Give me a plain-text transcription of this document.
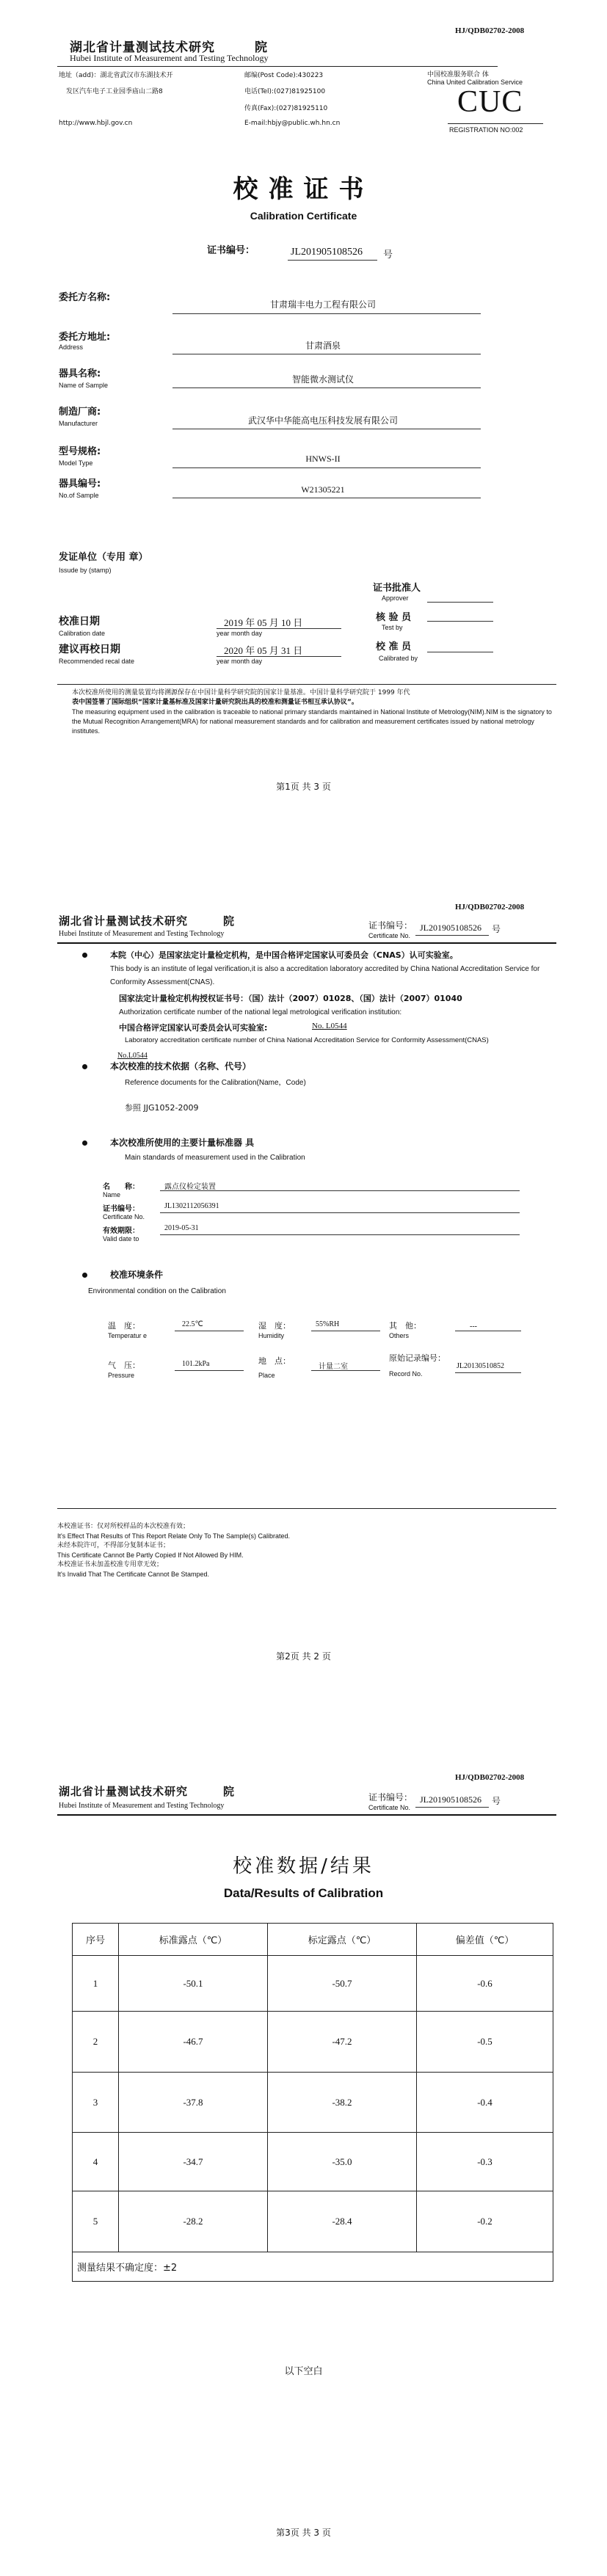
湖北省计量测试技术研究　　　院
Hubei Institute of Measurement and Testing Technology
HJ/QDB02702-2008
地址（add)：湖北省武汉市东湖技术开
发区汽车电子工业园季庙山二路8
邮编(Post Code):430223
电话(Tel):(027)81925100
传真(Fax):(027)81925110
http://www.hbjl.gov.cn	E-mail:hbjy@public.wh.hn.cn
中国校准服务联合 体
China United Calibration Service
CUC
REGISTRATION NO:002
校准证书
Calibration Certificate
证书编号：	JL201905108526 号
委托方名称:
甘肃瑞丰电力工程有限公司
委托方地址:
Address	甘肃酒泉
器具名称:
Name of Sample
智能微水测试仪
制造厂商:
Manufacturer	武汉华中华能高电压科技发展有限公司
型号规格:
Model Type	HNWS-II
器具编号:
No.of Sample
W21305221
发证单位（专用 章）
Issude by (stamp)
证书批准人
Approver
核 验 员
Test by
校 准 员
Calibrated by
校准日期
Calibration date
2019 年 05 月 10 日
year month day
建议再校日期
Recommended recal date
2020 年 05 月 31 日
year month day
本次校准所使用的测量装置均将溯源保存在中国计量科学研究院的国家计量基准。中国计量科学研究院于 1999 年代
表中国签署了国际组织“国家计量基标准及国家计量研究院出具的校准和测量证书相互承认协议”。
The measuring equipment used in the calibration is traceable to national primary standards maintained in National Institute of Metrology(NIM).NIM is the signatory to the Mutual Recognition Arrangement(MRA) for national measurement standards and for calibration and measurement certificates issued by national metrology institutes.
第1页 共 3 页
HJ/QDB02702-2008
湖北省计量测试技术研究　　　院
Hubei Institute of Measurement and Testing Technology
证书编号：
Certificate No.
JL201905108526 号
本院（中心）是国家法定计量检定机构，是中国合格评定国家认可委员会（CNAS）认可实验室。
This body is an institute of legal verification,it is also a accreditation laboratory accredited by China National Accreditation Service for Conformity Assessment(CNAS).
国家法定计量检定机构授权证书号：（国）法计（2007）01028、（国）法计（2007）01040
Authorization certificate number of the national legal metrological verification institution:
中国合格评定国家认可委员会认可实验室:	No. L0544
Laboratory accreditation certificate number of China National Accreditation Service for Conformity Assessment(CNAS)
No.L0544
本次校准的技术依据（名称、代号）
Reference documents for the Calibration(Name，Code)
参照 JJG1052-2009
本次校准所使用的主要计量标准器 具
Main standards of measurement used in the Calibration
名　　称：
Name
露点仪检定装置
证书编号：
Certificate No.
JL1302112056391
有效期限：
Valid date to
2019-05-31
校准环境条件
Environmental condition on the Calibration
温　度：
Temperatur e
22.5℃	湿　度：
Humidity
55%RH	其　他：
Others
---
气　压：
Pressure
101.2kPa	地　点：
Place
计量二室
原始记录编号：
Record No.
JL20130510852
本校准证书：仅对所校样品的本次校准有效；
It's Effect That Results of This Report Relate Only To The Sample(s) Calibrated.
未经本院许可，不得部分复制本证书；
This Certificate Cannot Be Partly Copied If Not Allowed By HIM.
本校准证书未加盖校准专用章无效；
It's Invalid That The Certificate Cannot Be Stamped.
第2页 共 2 页
HJ/QDB02702-2008
湖北省计量测试技术研究　　　院
Hubei Institute of Measurement and Testing Technology
证书编号：
Certificate No.
JL201905108526 号
校准数据/结果
Data/Results of Calibration
序号	标准露点（℃）	标定露点（℃）	偏差值（℃）
1	-50.1	-50.7	-0.6
2	-46.7	-47.2	-0.5
3	-37.8	-38.2	-0.4
4	-34.7	-35.0	-0.3
5	-28.2	-28.4	-0.2
测量结果不确定度：±2			
以下空白
第3页 共 3 页
